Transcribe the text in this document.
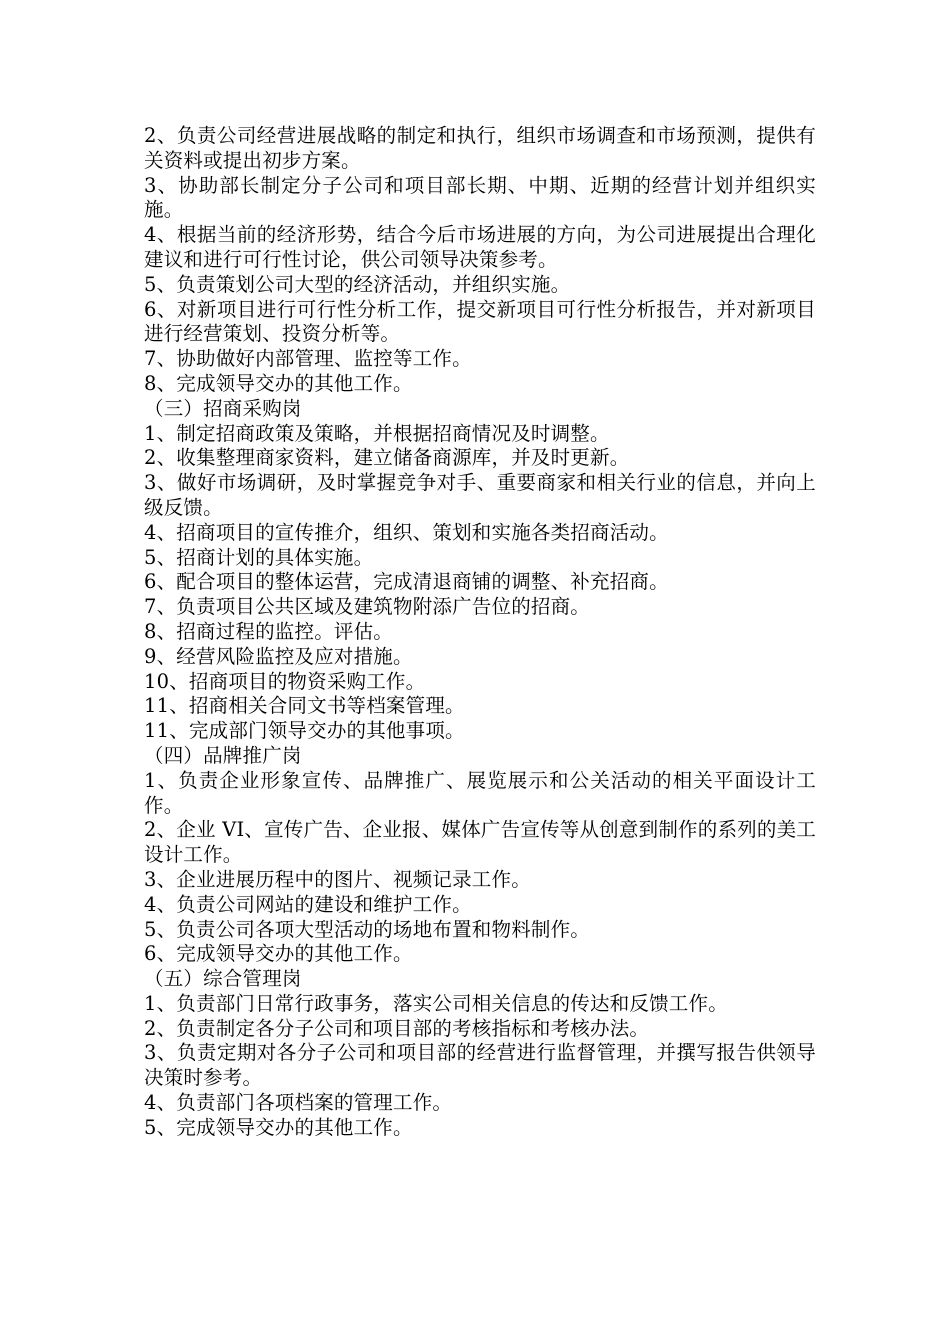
2、负责公司经营进展战略的制定和执行，组织市场调查和市场预测，提供有关资料或提出初步方案。

3、协助部长制定分子公司和项目部长期、中期、近期的经营计划并组织实施。

4、根据当前的经济形势，结合今后市场进展的方向，为公司进展提出合理化建议和进行可行性讨论，供公司领导决策参考。

5、负责策划公司大型的经济活动，并组织实施。

6、对新项目进行可行性分析工作，提交新项目可行性分析报告，并对新项目进行经营策划、投资分析等。

7、协助做好内部管理、监控等工作。

8、完成领导交办的其他工作。

（三）招商采购岗

1、制定招商政策及策略，并根据招商情况及时调整。

2、收集整理商家资料，建立储备商源库，并及时更新。

3、做好市场调研，及时掌握竞争对手、重要商家和相关行业的信息，并向上级反馈。

4、招商项目的宣传推介，组织、策划和实施各类招商活动。

5、招商计划的具体实施。

6、配合项目的整体运营，完成清退商铺的调整、补充招商。

7、负责项目公共区域及建筑物附添广告位的招商。

8、招商过程的监控。评估。

9、经营风险监控及应对措施。

10、招商项目的物资采购工作。

11、招商相关合同文书等档案管理。

11、完成部门领导交办的其他事项。

（四）品牌推广岗

1、负责企业形象宣传、品牌推广、展览展示和公关活动的相关平面设计工作。

2、企业 VI、宣传广告、企业报、媒体广告宣传等从创意到制作的系列的美工设计工作。

3、企业进展历程中的图片、视频记录工作。

4、负责公司网站的建设和维护工作。

5、负责公司各项大型活动的场地布置和物料制作。

6、完成领导交办的其他工作。

（五）综合管理岗

1、负责部门日常行政事务，落实公司相关信息的传达和反馈工作。

2、负责制定各分子公司和项目部的考核指标和考核办法。

3、负责定期对各分子公司和项目部的经营进行监督管理，并撰写报告供领导决策时参考。

4、负责部门各项档案的管理工作。

5、完成领导交办的其他工作。
